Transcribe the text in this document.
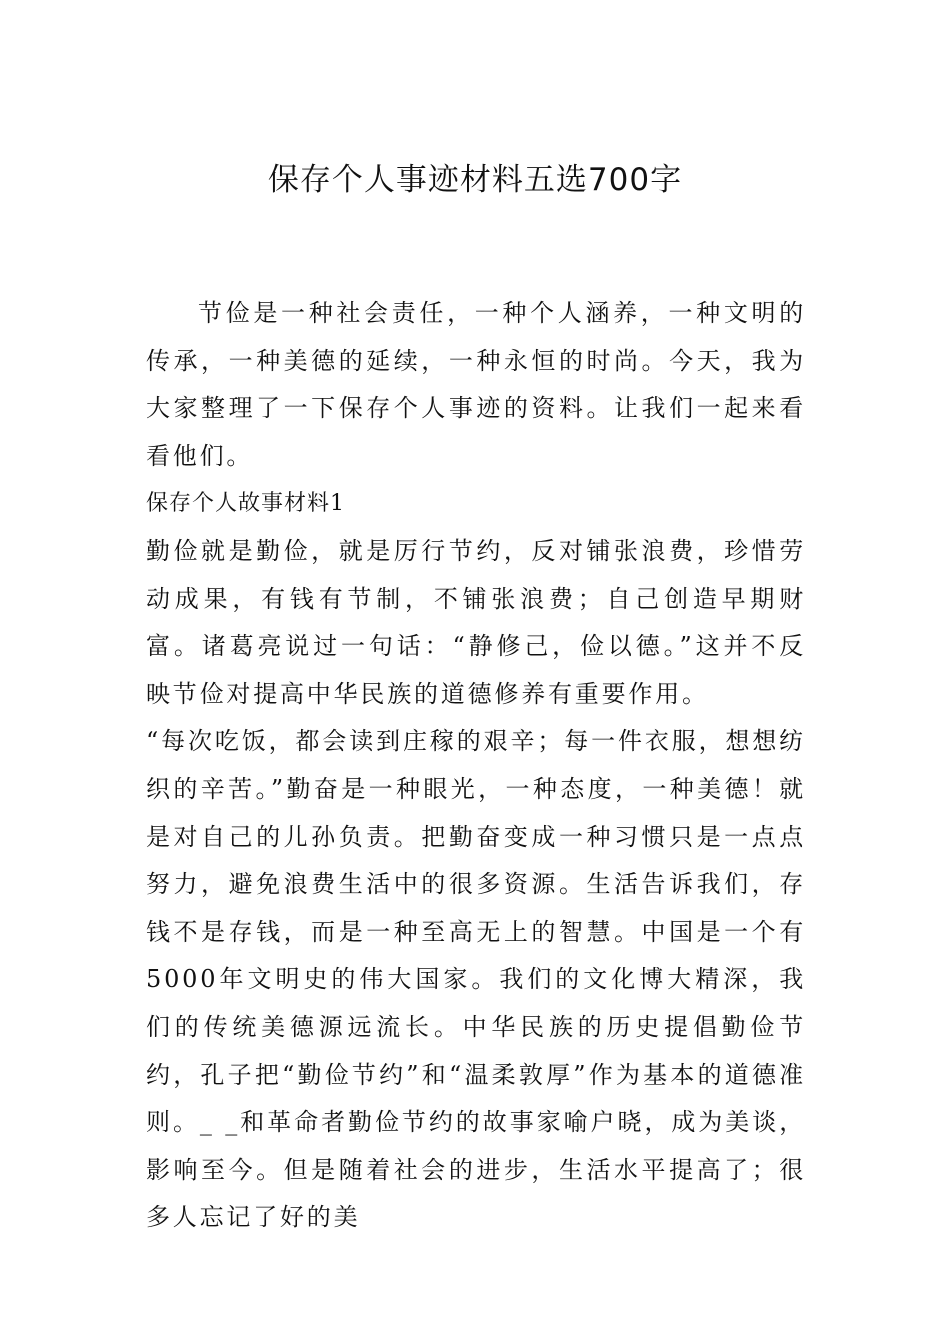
保存个人事迹材料五选700字

节俭是一种社会责任，一种个人涵养，一种文明的传承，一种美德的延续，一种永恒的时尚。今天，我为大家整理了一下保存个人事迹的资料。让我们一起来看看他们。

保存个人故事材料1

勤俭就是勤俭，就是厉行节约，反对铺张浪费，珍惜劳动成果，有钱有节制，不铺张浪费；自己创造早期财富。诸葛亮说过一句话：“静修己，俭以德。”这并不反映节俭对提高中华民族的道德修养有重要作用。

“每次吃饭，都会读到庄稼的艰辛；每一件衣服，想想纺织的辛苦。”勤奋是一种眼光，一种态度，一种美德！就是对自己的儿孙负责。把勤奋变成一种习惯只是一点点努力，避免浪费生活中的很多资源。生活告诉我们，存钱不是存钱，而是一种至高无上的智慧。中国是一个有5000年文明史的伟大国家。我们的文化博大精深，我们的传统美德源远流长。中华民族的历史提倡勤俭节约，孔子把“勤俭节约”和“温柔敦厚”作为基本的道德准则。_ _和革命者勤俭节约的故事家喻户晓，成为美谈，影响至今。但是随着社会的进步，生活水平提高了；很多人忘记了好的美
